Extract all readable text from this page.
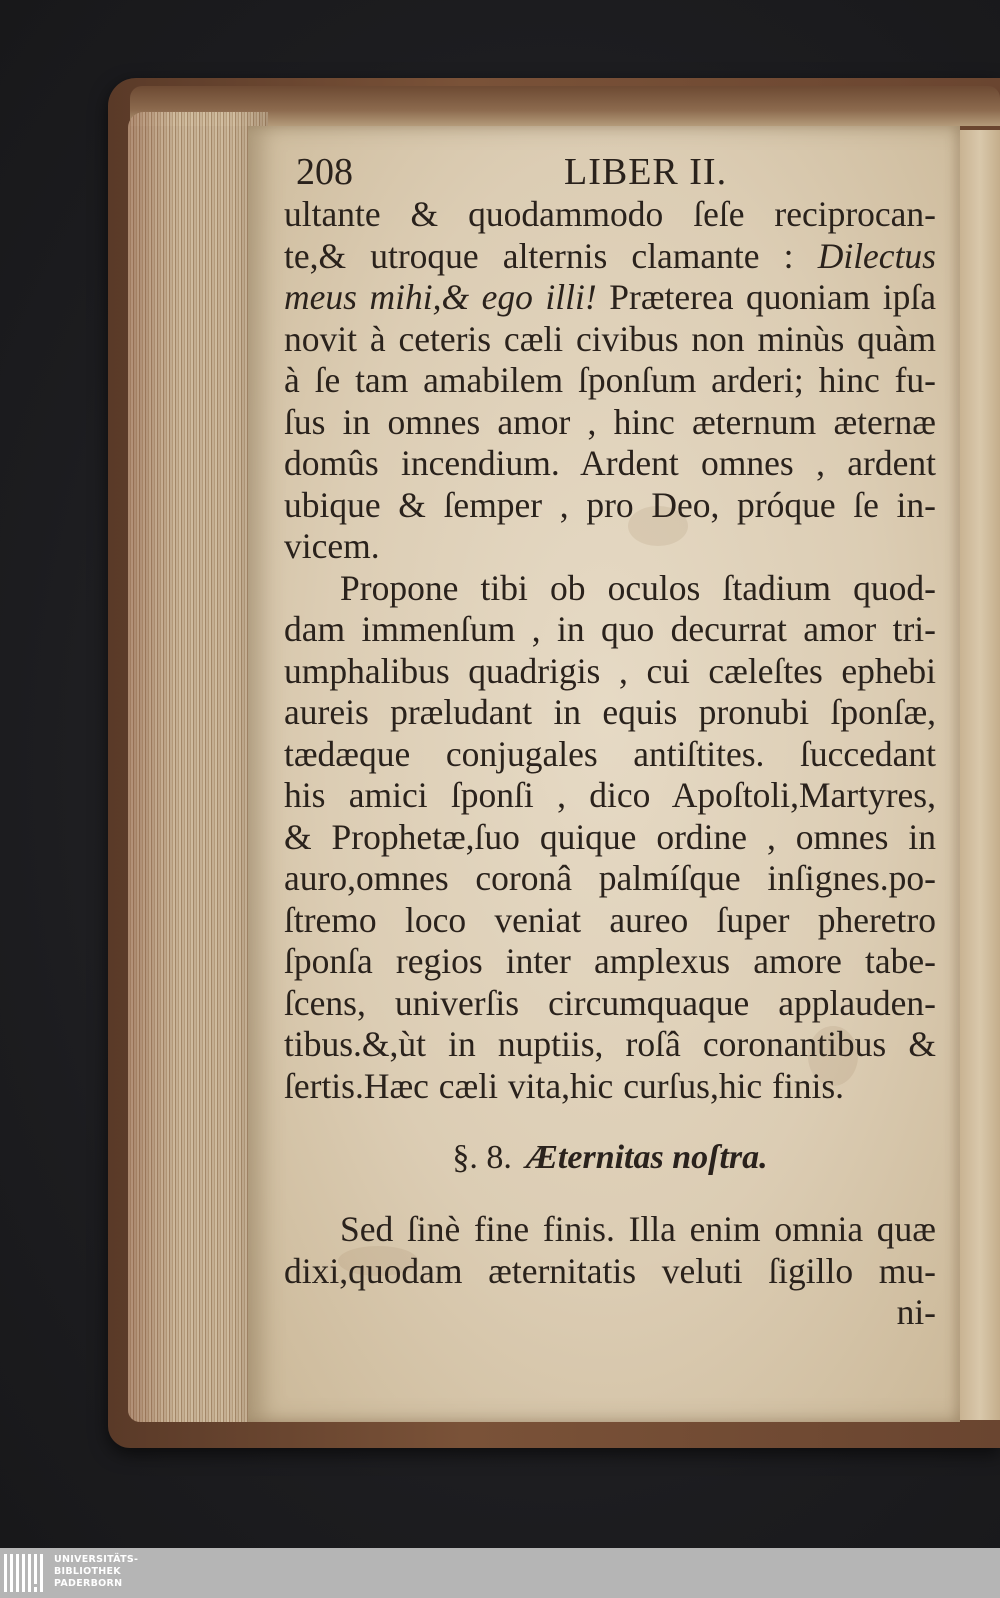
208	LIBER II.
ultante & quodammodo ſeſe reciprocan-
te,& utroque alternis clamante : Dilectus
meus mihi,& ego illi! Præterea quoniam ipſa
novit à ceteris cæli civibus non minùs quàm
à ſe tam amabilem ſponſum arderi; hinc fu-
ſus in omnes amor , hinc æternum æternæ
domûs incendium. Ardent omnes , ardent
ubique & ſemper , pro Deo, próque ſe in-
vicem.
Propone tibi ob oculos ſtadium quod-
dam immenſum , in quo decurrat amor tri-
umphalibus quadrigis , cui cæleſtes ephebi
aureis præludant in equis pronubi ſponſæ,
tædæque conjugales antiſtites. ſuccedant
his amici ſponſi , dico Apoſtoli,Martyres,
& Prophetæ,ſuo quique ordine , omnes in
auro,omnes coronâ palmíſque inſignes.po-
ſtremo loco veniat aureo ſuper pheretro
ſponſa regios inter amplexus amore tabe-
ſcens, univerſis circumquaque applauden-
tibus.&,ùt in nuptiis, roſâ coronantibus &
ſertis.Hæc cæli vita,hic curſus,hic finis.
§. 8. Æternitas noſtra.
Sed ſinè fine finis. Illa enim omnia quæ
dixi,quodam æternitatis veluti ſigillo mu-
ni-
UNIVERSITÄTS-
BIBLIOTHEK
PADERBORN
